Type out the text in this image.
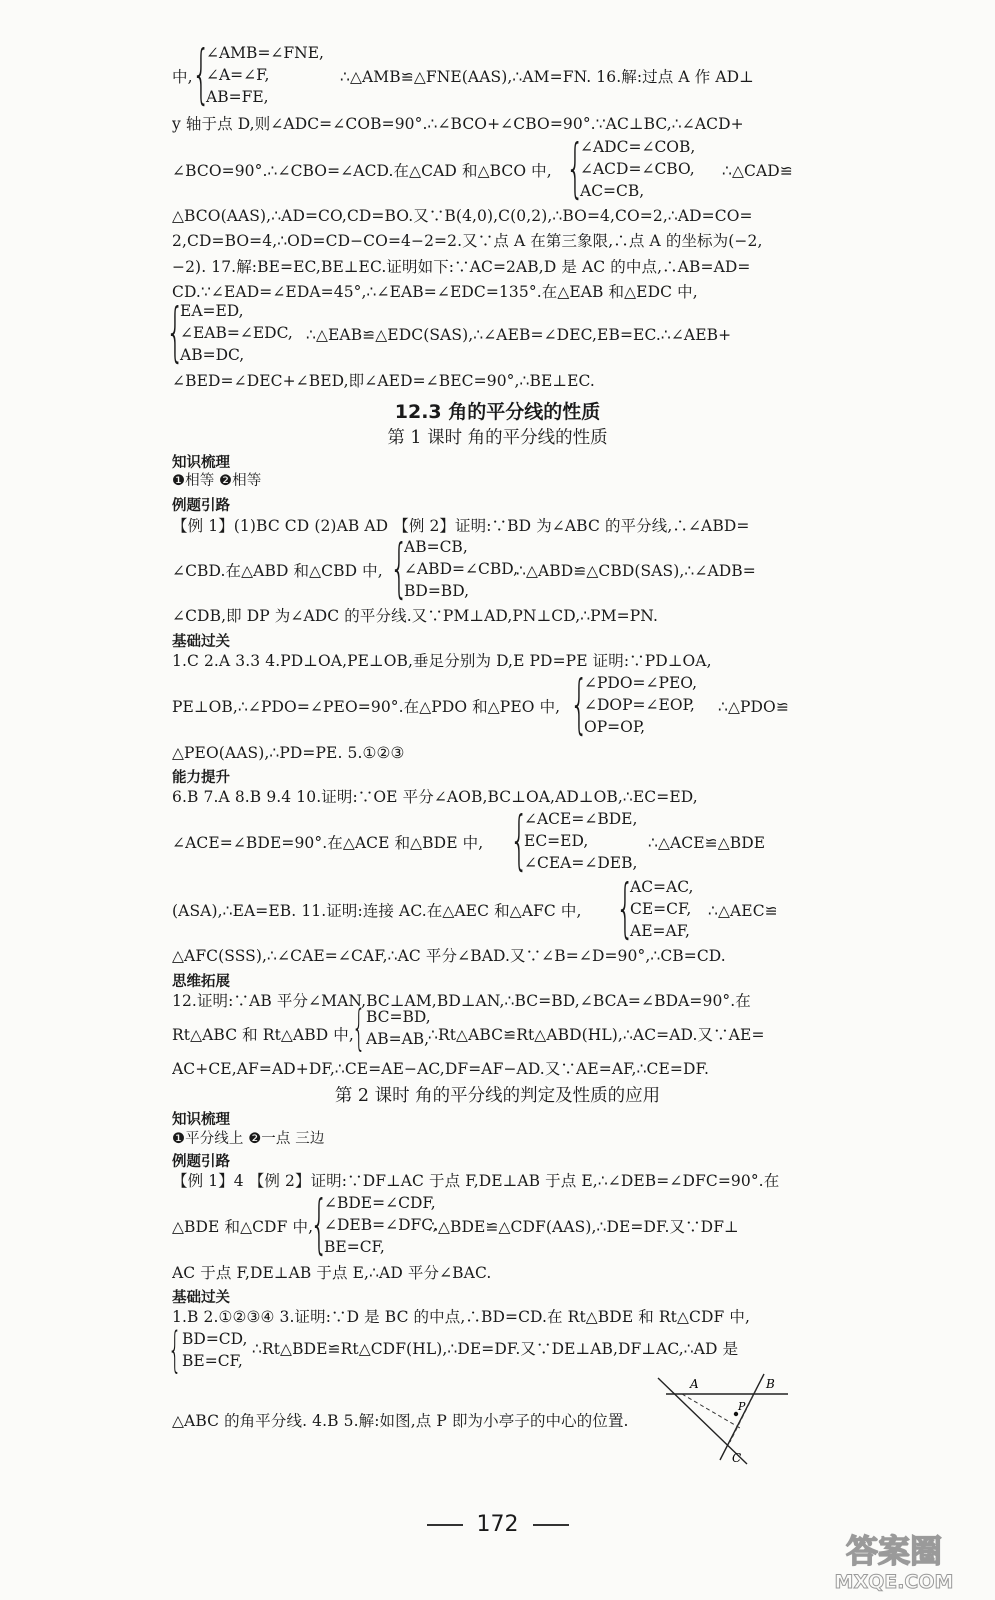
中, {
∠AMB=∠FNE,
∠A=∠F,
AB=FE,
∴△AMB≌△FNE(AAS),∴AM=FN. 16.解:过点 A 作 AD⊥
y 轴于点 D,则∠ADC=∠COB=90°.∴∠BCO+∠CBO=90°.∵AC⊥BC,∴∠ACD+
∠BCO=90°.∴∠CBO=∠ACD.在△CAD 和△BCO 中, {
∠ADC=∠COB,
∠ACD=∠CBO,
AC=CB,
∴△CAD≌
△BCO(AAS),∴AD=CO,CD=BO.又∵B(4,0),C(0,2),∴BO=4,CO=2,∴AD=CO=
2,CD=BO=4,∴OD=CD−CO=4−2=2.又∵点 A 在第三象限,∴点 A 的坐标为(−2,
−2). 17.解:BE=EC,BE⊥EC.证明如下:∵AC=2AB,D 是 AC 的中点,∴AB=AD=
CD.∵∠EAD=∠EDA=45°,∴∠EAB=∠EDC=135°.在△EAB 和△EDC 中,
{
EA=ED,
∠EAB=∠EDC,
AB=DC,
∴△EAB≌△EDC(SAS),∴∠AEB=∠DEC,EB=EC.∴∠AEB+
∠BED=∠DEC+∠BED,即∠AED=∠BEC=90°,∴BE⊥EC.
12.3 角的平分线的性质
第 1 课时 角的平分线的性质
知识梳理
❶相等 ❷相等
例题引路
【例 1】(1)BC CD (2)AB AD 【例 2】证明:∵BD 为∠ABC 的平分线,∴∠ABD=
∠CBD.在△ABD 和△CBD 中, {
AB=CB,
∠ABD=∠CBD,
BD=BD,
∴△ABD≌△CBD(SAS),∴∠ADB=
∠CDB,即 DP 为∠ADC 的平分线.又∵PM⊥AD,PN⊥CD,∴PM=PN.
基础过关
1.C 2.A 3.3 4.PD⊥OA,PE⊥OB,垂足分别为 D,E PD=PE 证明:∵PD⊥OA,
PE⊥OB,∴∠PDO=∠PEO=90°.在△PDO 和△PEO 中, {
∠PDO=∠PEO,
∠DOP=∠EOP,
OP=OP,
∴△PDO≌
△PEO(AAS),∴PD=PE. 5.①②③
能力提升
6.B 7.A 8.B 9.4 10.证明:∵OE 平分∠AOB,BC⊥OA,AD⊥OB,∴EC=ED,
∠ACE=∠BDE=90°.在△ACE 和△BDE 中, {
∠ACE=∠BDE,
EC=ED,
∠CEA=∠DEB,
∴△ACE≌△BDE
(ASA),∴EA=EB. 11.证明:连接 AC.在△AEC 和△AFC 中, {
AC=AC,
CE=CF,
AE=AF,
∴△AEC≌
△AFC(SSS),∴∠CAE=∠CAF,∴AC 平分∠BAD.又∵∠B=∠D=90°,∴CB=CD.
思维拓展
12.证明:∵AB 平分∠MAN,BC⊥AM,BD⊥AN,∴BC=BD,∠BCA=∠BDA=90°.在
Rt△ABC 和 Rt△ABD 中,
{ BC=BD,
AB=AB,
∴Rt△ABC≌Rt△ABD(HL),∴AC=AD.又∵AE=
AC+CE,AF=AD+DF,∴CE=AE−AC,DF=AF−AD.又∵AE=AF,∴CE=DF.
第 2 课时 角的平分线的判定及性质的应用
知识梳理
❶平分线上 ❷一点 三边
例题引路
【例 1】4 【例 2】证明:∵DF⊥AC 于点 F,DE⊥AB 于点 E,∴∠DEB=∠DFC=90°.在
△BDE 和△CDF 中,
{
∠BDE=∠CDF,
∠DEB=∠DFC,
BE=CF,
∴△BDE≌△CDF(AAS),∴DE=DF.又∵DF⊥
AC 于点 F,DE⊥AB 于点 E,∴AD 平分∠BAC.
基础过关
1.B 2.①②③④ 3.证明:∵D 是 BC 的中点,∴BD=CD.在 Rt△BDE 和 Rt△CDF 中,
{ BD=CD,
BE=CF,
∴Rt△BDE≌Rt△CDF(HL),∴DE=DF.又∵DE⊥AB,DF⊥AC,∴AD 是
△ABC 的角平分线. 4.B 5.解:如图,点 P 即为小亭子的中心的位置.
A	B
P
C
172
答案圈
MXQE.COM
